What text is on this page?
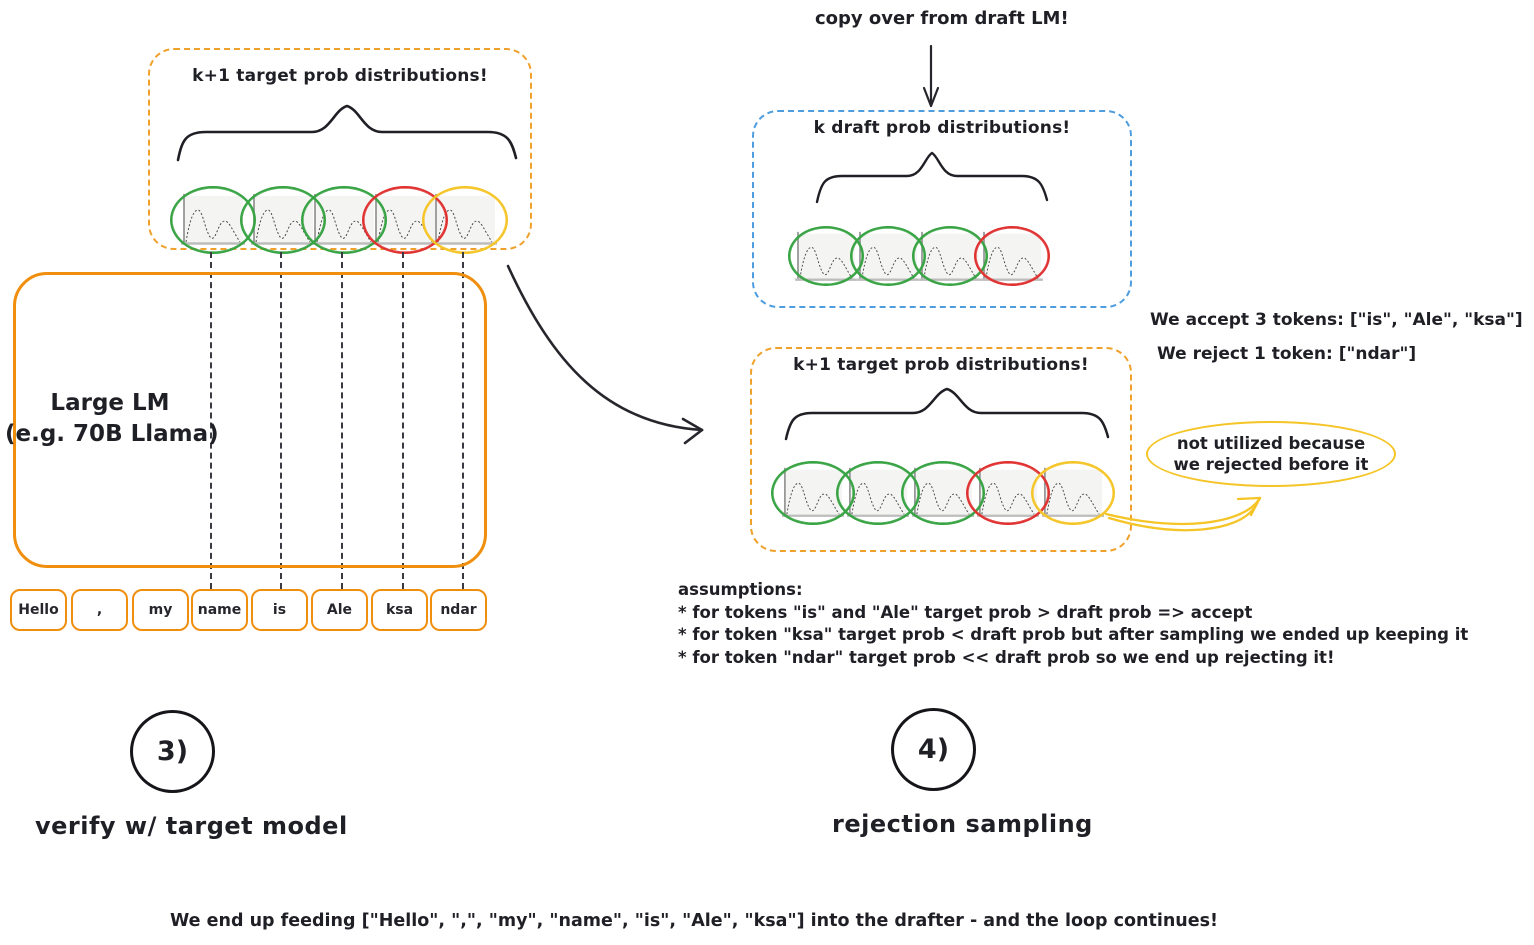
k+1 target prob distributions!
Large LM
(e.g. 70B Llama)
Hello	,	my name is	Ale ksa ndar
copy over from draft LM!
k draft prob distributions!
k+1 target prob distributions!
We accept 3 tokens: ["is", "Ale", "ksa"]
We reject 1 token: ["ndar"]
not utilized because
we rejected before it
assumptions:
* for tokens "is" and "Ale" target prob > draft prob => accept
* for token "ksa" target prob < draft prob but after sampling we ended up keeping it
* for token "ndar" target prob << draft prob so we end up rejecting it!
3)
verify w/ target model
4)
rejection sampling
We end up feeding ["Hello", ",", "my", "name", "is", "Ale", "ksa"] into the drafter - and the loop continues!
